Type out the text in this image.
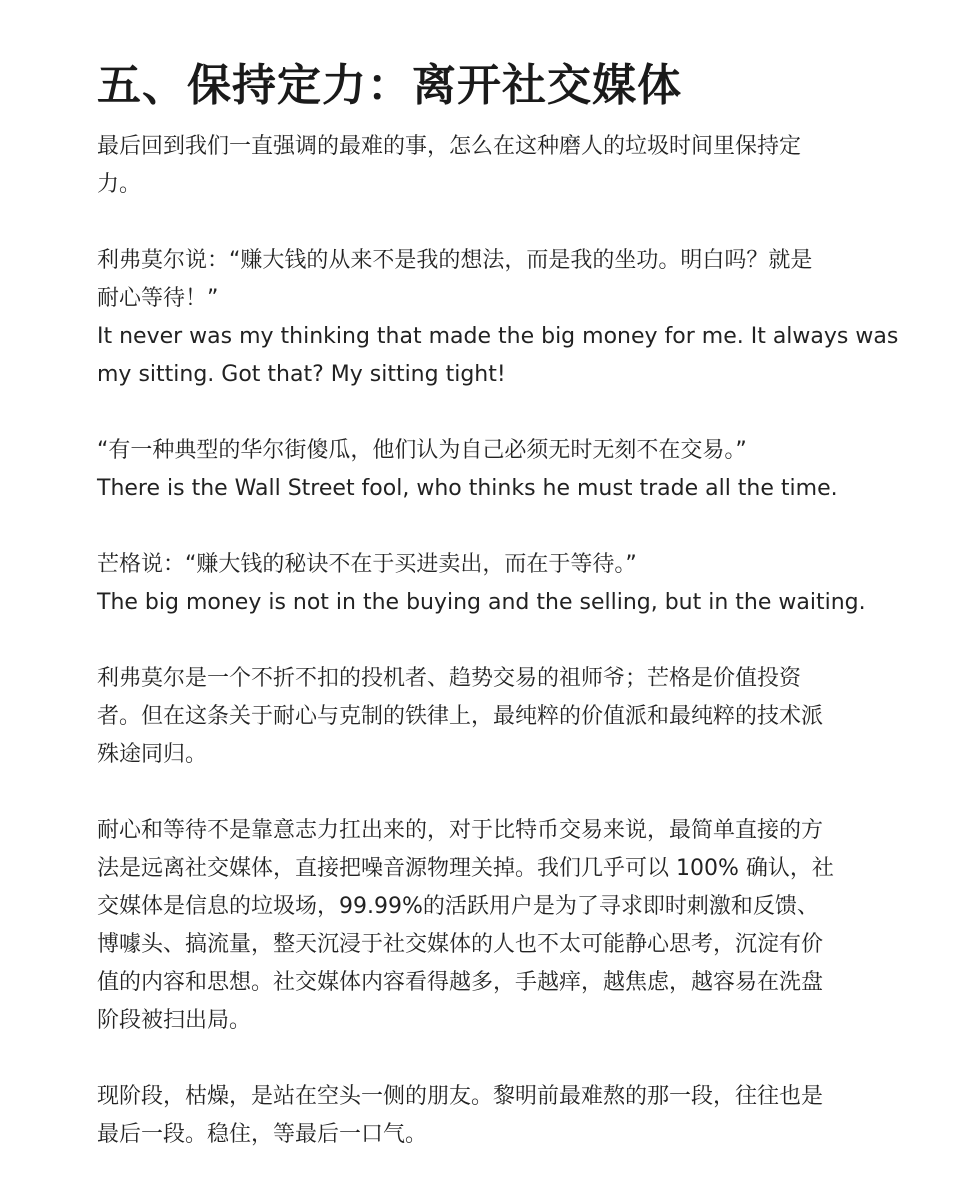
五、保持定力：离开社交媒体
最后回到我们一直强调的最难的事，怎么在这种磨人的垃圾时间里保持定
力。
利弗莫尔说：“赚大钱的从来不是我的想法，而是我的坐功。明白吗？就是
耐心等待！”
It never was my thinking that made the big money for me. It always was
my sitting. Got that? My sitting tight!
“有一种典型的华尔街傻瓜，他们认为自己必须无时无刻不在交易。”
There is the Wall Street fool, who thinks he must trade all the time.
芒格说：“赚大钱的秘诀不在于买进卖出，而在于等待。”
The big money is not in the buying and the selling, but in the waiting.
利弗莫尔是一个不折不扣的投机者、趋势交易的祖师爷；芒格是价值投资
者。但在这条关于耐心与克制的铁律上，最纯粹的价值派和最纯粹的技术派
殊途同归。
耐心和等待不是靠意志力扛出来的，对于比特币交易来说，最简单直接的方
法是远离社交媒体，直接把噪音源物理关掉。我们几乎可以 100% 确认，社
交媒体是信息的垃圾场，99.99%的活跃用户是为了寻求即时刺激和反馈、
博噱头、搞流量，整天沉浸于社交媒体的人也不太可能静心思考，沉淀有价
值的内容和思想。社交媒体内容看得越多，手越痒，越焦虑，越容易在洗盘
阶段被扫出局。
现阶段，枯燥，是站在空头一侧的朋友。黎明前最难熬的那一段，往往也是
最后一段。稳住，等最后一口气。
